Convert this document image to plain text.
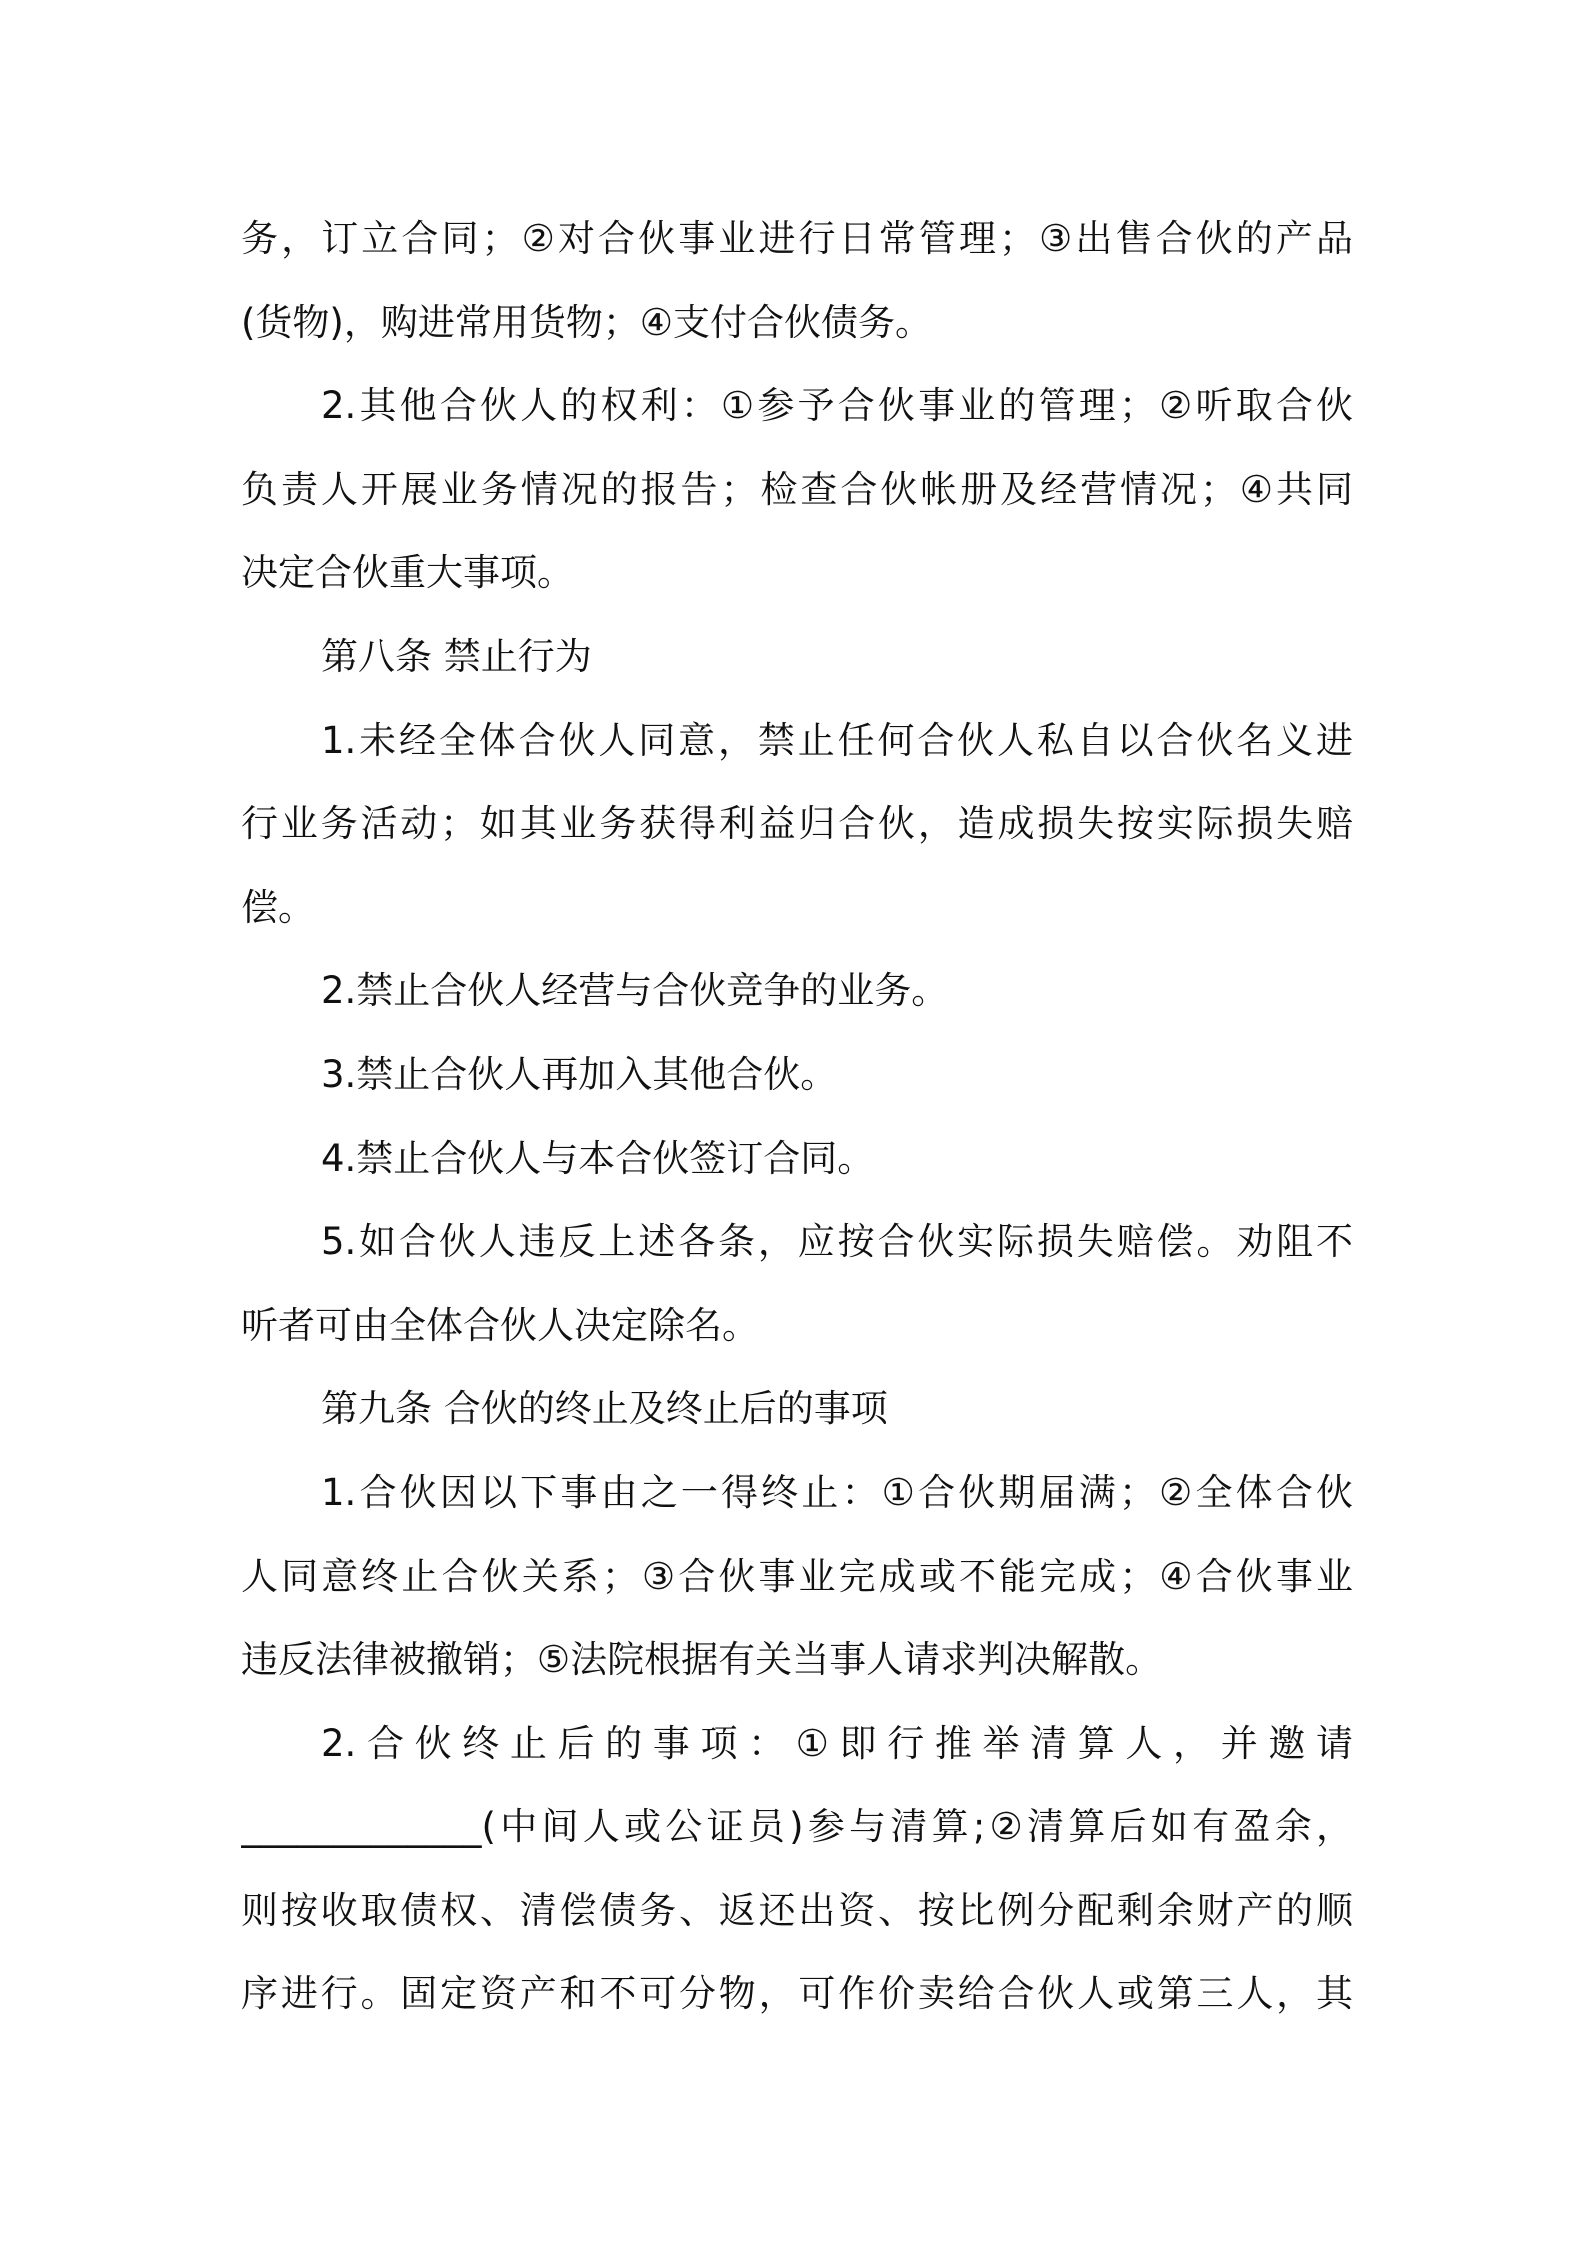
务，订立合同；②对合伙事业进行日常管理；③出售合伙的产品
(货物)，购进常用货物；④支付合伙债务。
2.其他合伙人的权利：①参予合伙事业的管理；②听取合伙
负责人开展业务情况的报告；检查合伙帐册及经营情况；④共同
决定合伙重大事项。
第八条 禁止行为
1.未经全体合伙人同意，禁止任何合伙人私自以合伙名义进
行业务活动；如其业务获得利益归合伙，造成损失按实际损失赔
偿。
2.禁止合伙人经营与合伙竞争的业务。
3.禁止合伙人再加入其他合伙。
4.禁止合伙人与本合伙签订合同。
5.如合伙人违反上述各条，应按合伙实际损失赔偿。劝阻不
听者可由全体合伙人决定除名。
第九条 合伙的终止及终止后的事项
1.合伙因以下事由之一得终止：①合伙期届满；②全体合伙
人同意终止合伙关系；③合伙事业完成或不能完成；④合伙事业
违反法律被撤销；⑤法院根据有关当事人请求判决解散。
2.合伙终止后的事项：①即行推举清算人，并邀请
_____________(中间人或公证员)参与清算;②清算后如有盈余，
则按收取债权、清偿债务、返还出资、按比例分配剩余财产的顺
序进行。固定资产和不可分物，可作价卖给合伙人或第三人，其
